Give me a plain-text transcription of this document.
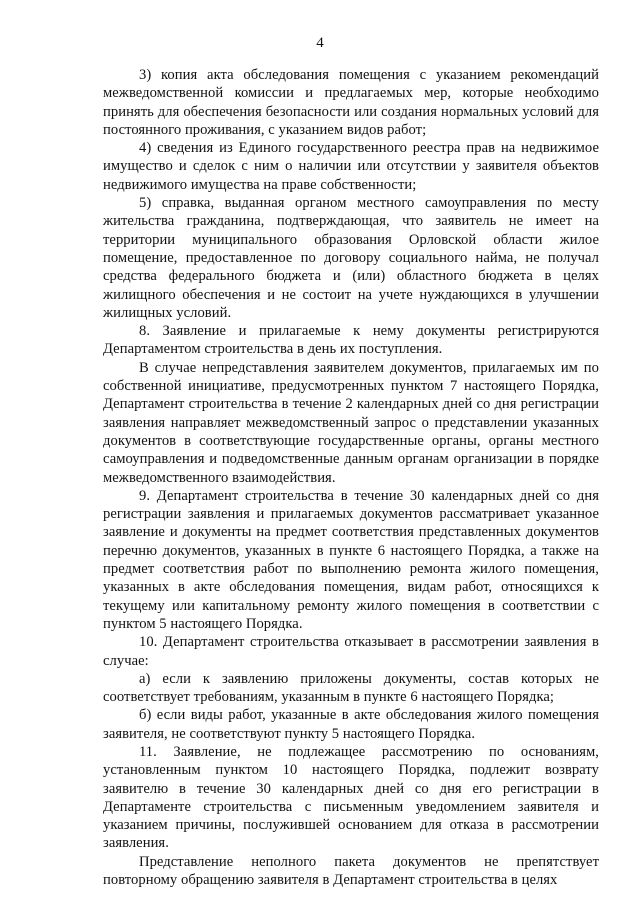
4

3) копия акта обследования помещения с указанием рекомендаций межведомственной комиссии и предлагаемых мер, которые необходимо принять для обеспечения безопасности или создания нормальных условий для постоянного проживания, с указанием видов работ;

4) сведения из Единого государственного реестра прав на недвижимое имущество и сделок с ним о наличии или отсутствии у заявителя объектов недвижимого имущества на праве собственности;

5) справка, выданная органом местного самоуправления по месту жительства гражданина, подтверждающая, что заявитель не имеет на территории муниципального образования Орловской области жилое помещение, предоставленное по договору социального найма, не получал средства федерального бюджета и (или) областного бюджета в целях жилищного обеспечения и не состоит на учете нуждающихся в улучшении жилищных условий.

8. Заявление и прилагаемые к нему документы регистрируются Департаментом строительства в день их поступления.

В случае непредставления заявителем документов, прилагаемых им по собственной инициативе, предусмотренных пунктом 7 настоящего Порядка, Департамент строительства в течение 2 календарных дней со дня регистрации заявления направляет межведомственный запрос о представлении указанных документов в соответствующие государственные органы, органы местного самоуправления и подведомственные данным органам организации в порядке межведомственного взаимодействия.

9. Департамент строительства в течение 30 календарных дней со дня регистрации заявления и прилагаемых документов рассматривает указанное заявление и документы на предмет соответствия представленных документов перечню документов, указанных в пункте 6 настоящего Порядка, а также на предмет соответствия работ по выполнению ремонта жилого помещения, указанных в акте обследования помещения, видам работ, относящихся к текущему или капитальному ремонту жилого помещения в соответствии с пунктом 5 настоящего Порядка.

10. Департамент строительства отказывает в рассмотрении заявления в случае:

а) если к заявлению приложены документы, состав которых не соответствует требованиям, указанным в пункте 6 настоящего Порядка;

б) если виды работ, указанные в акте обследования жилого помещения заявителя, не соответствуют пункту 5 настоящего Порядка.

11. Заявление, не подлежащее рассмотрению по основаниям, установленным пунктом 10 настоящего Порядка, подлежит возврату заявителю в течение 30 календарных дней со дня его регистрации в Департаменте строительства с письменным уведомлением заявителя и указанием причины, послужившей основанием для отказа в рассмотрении заявления.

Представление неполного пакета документов не препятствует повторному обращению заявителя в Департамент строительства в целях
